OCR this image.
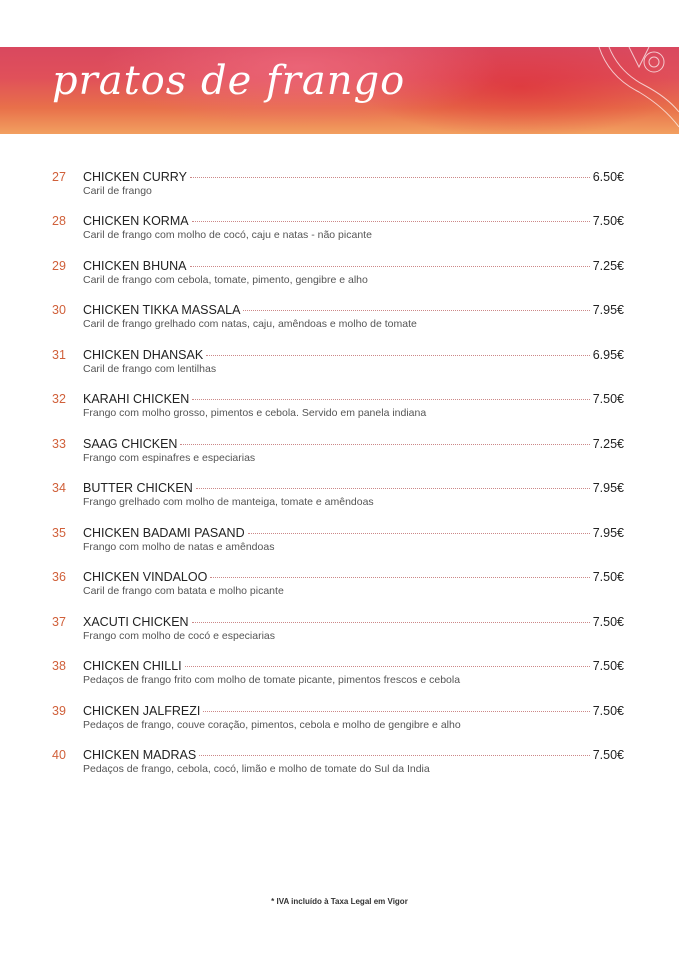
pratos de frango
27 CHICKEN CURRY	6.50€
Caril de frango
28 CHICKEN KORMA	7.50€
Caril de frango com molho de cocó, caju e natas - não picante
29 CHICKEN BHUNA	7.25€
Caril de frango com cebola, tomate, pimento, gengibre e alho
30 CHICKEN TIKKA MASSALA	7.95€
Caril de frango grelhado com natas, caju, amêndoas e molho de tomate
31 CHICKEN DHANSAK	6.95€
Caril de frango com lentilhas
32 KARAHI CHICKEN	7.50€
Frango com molho grosso, pimentos e cebola. Servido em panela indiana
33 SAAG CHICKEN	7.25€
Frango com espinafres e especiarias
34 BUTTER CHICKEN	7.95€
Frango grelhado com molho de manteiga, tomate e amêndoas
35 CHICKEN BADAMI PASAND	7.95€
Frango com molho de natas e amêndoas
36 CHICKEN VINDALOO	7.50€
Caril de frango com batata e molho picante
37 XACUTI CHICKEN	7.50€
Frango com molho de cocó e especiarias
38 CHICKEN CHILLI	7.50€
Pedaços de frango frito com molho de tomate picante, pimentos frescos e cebola
39 CHICKEN JALFREZI	7.50€
Pedaços de frango, couve coração, pimentos, cebola e molho de gengibre e alho
40 CHICKEN MADRAS	7.50€
Pedaços de frango, cebola, cocó, limão e molho de tomate do Sul da India
* IVA incluído à Taxa Legal em Vigor
